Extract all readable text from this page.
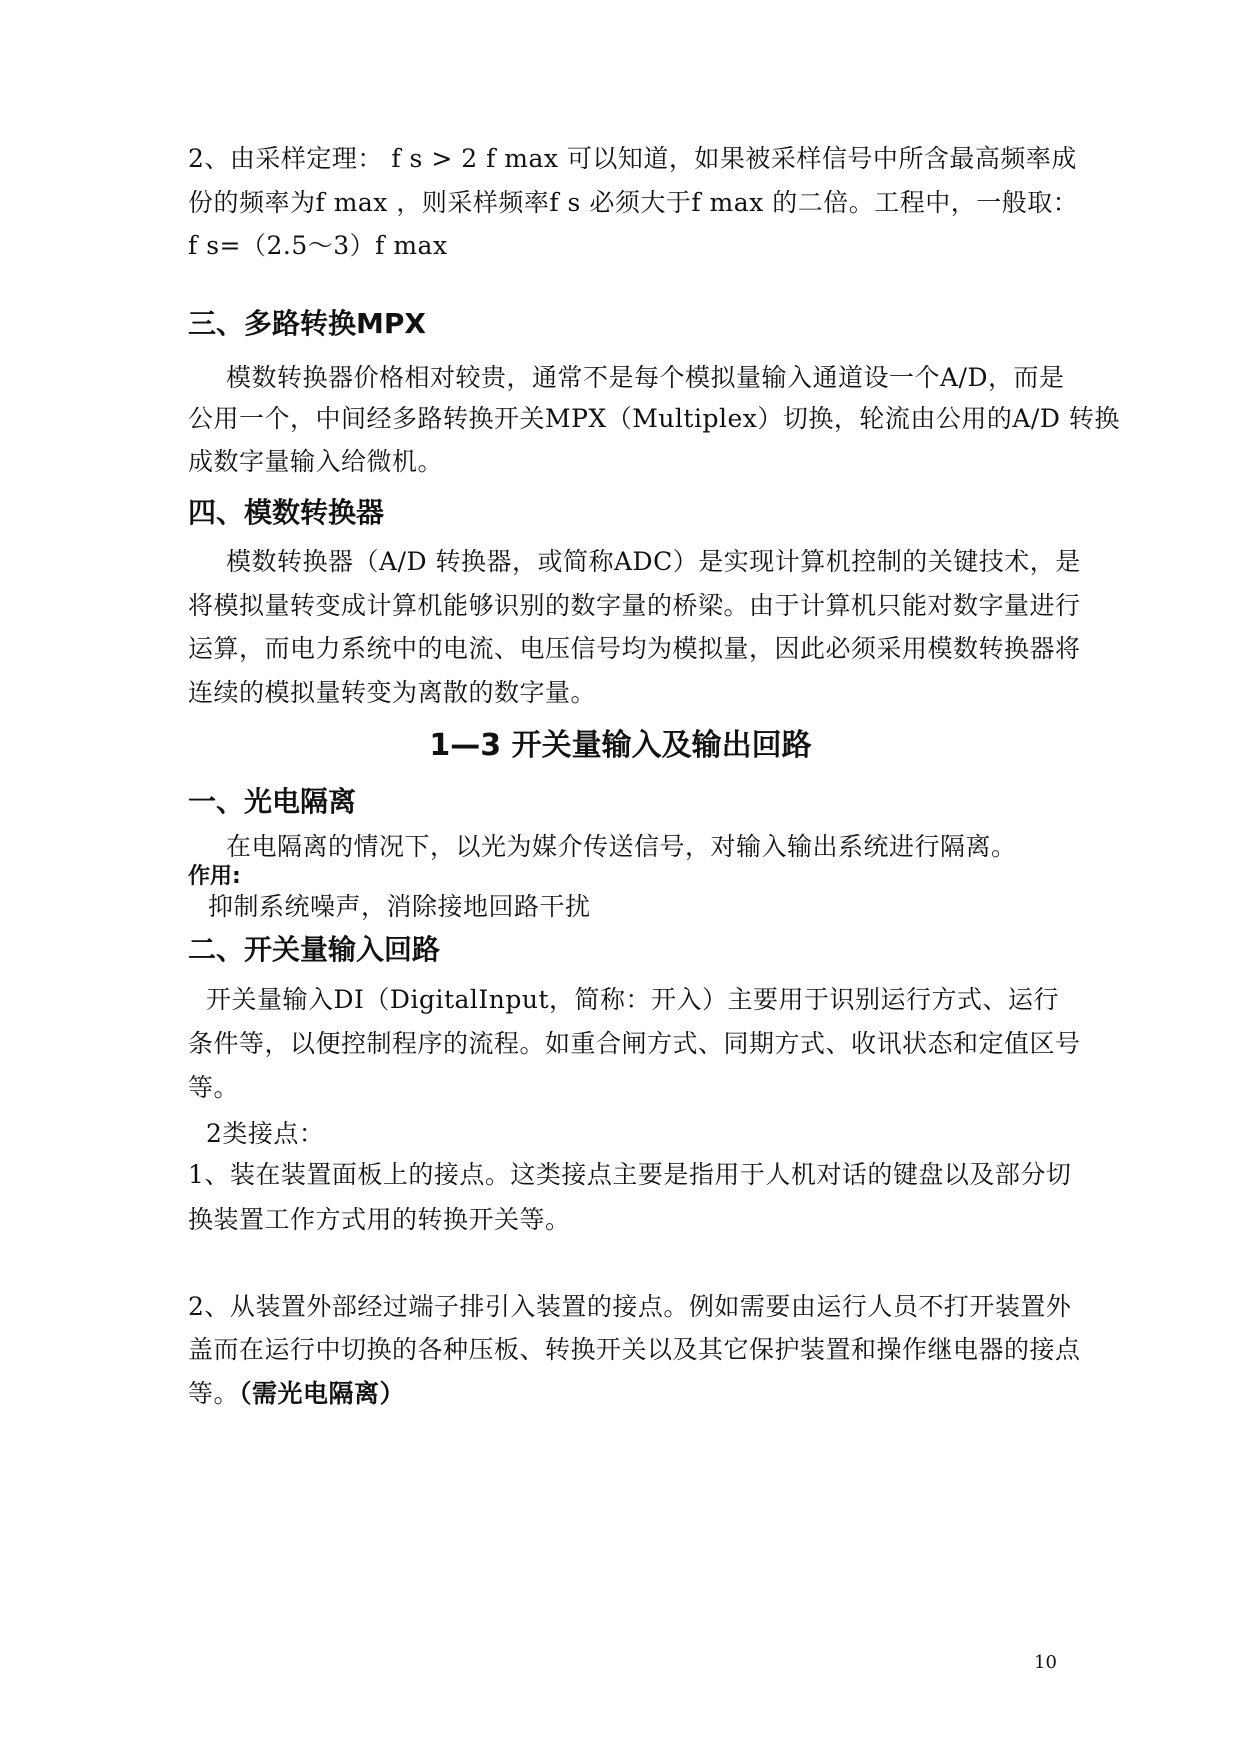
2、由采样定理： f s > 2 f max 可以知道，如果被采样信号中所含最高频率成
份的频率为f max ，则采样频率f s 必须大于f max 的二倍。工程中，一般取：
f s=（2.5～3）f max
三、多路转换MPX
模数转换器价格相对较贵，通常不是每个模拟量输入通道设一个A/D，而是
公用一个，中间经多路转换开关MPX（Multiplex）切换，轮流由公用的A/D 转换
成数字量输入给微机。
四、模数转换器
模数转换器（A/D 转换器，或简称ADC）是实现计算机控制的关键技术，是
将模拟量转变成计算机能够识别的数字量的桥梁。由于计算机只能对数字量进行
运算，而电力系统中的电流、电压信号均为模拟量，因此必须采用模数转换器将
连续的模拟量转变为离散的数字量。
1—3 开关量输入及输出回路
一、光电隔离
在电隔离的情况下，以光为媒介传送信号，对输入输出系统进行隔离。
作用:
抑制系统噪声，消除接地回路干扰
二、开关量输入回路
开关量输入DI（DigitalInput，简称：开入）主要用于识别运行方式、运行
条件等，以便控制程序的流程。如重合闸方式、同期方式、收讯状态和定值区号
等。
2类接点：
1、装在装置面板上的接点。这类接点主要是指用于人机对话的键盘以及部分切
换装置工作方式用的转换开关等。
2、从装置外部经过端子排引入装置的接点。例如需要由运行人员不打开装置外
盖而在运行中切换的各种压板、转换开关以及其它保护装置和操作继电器的接点
等。（需光电隔离）
10
